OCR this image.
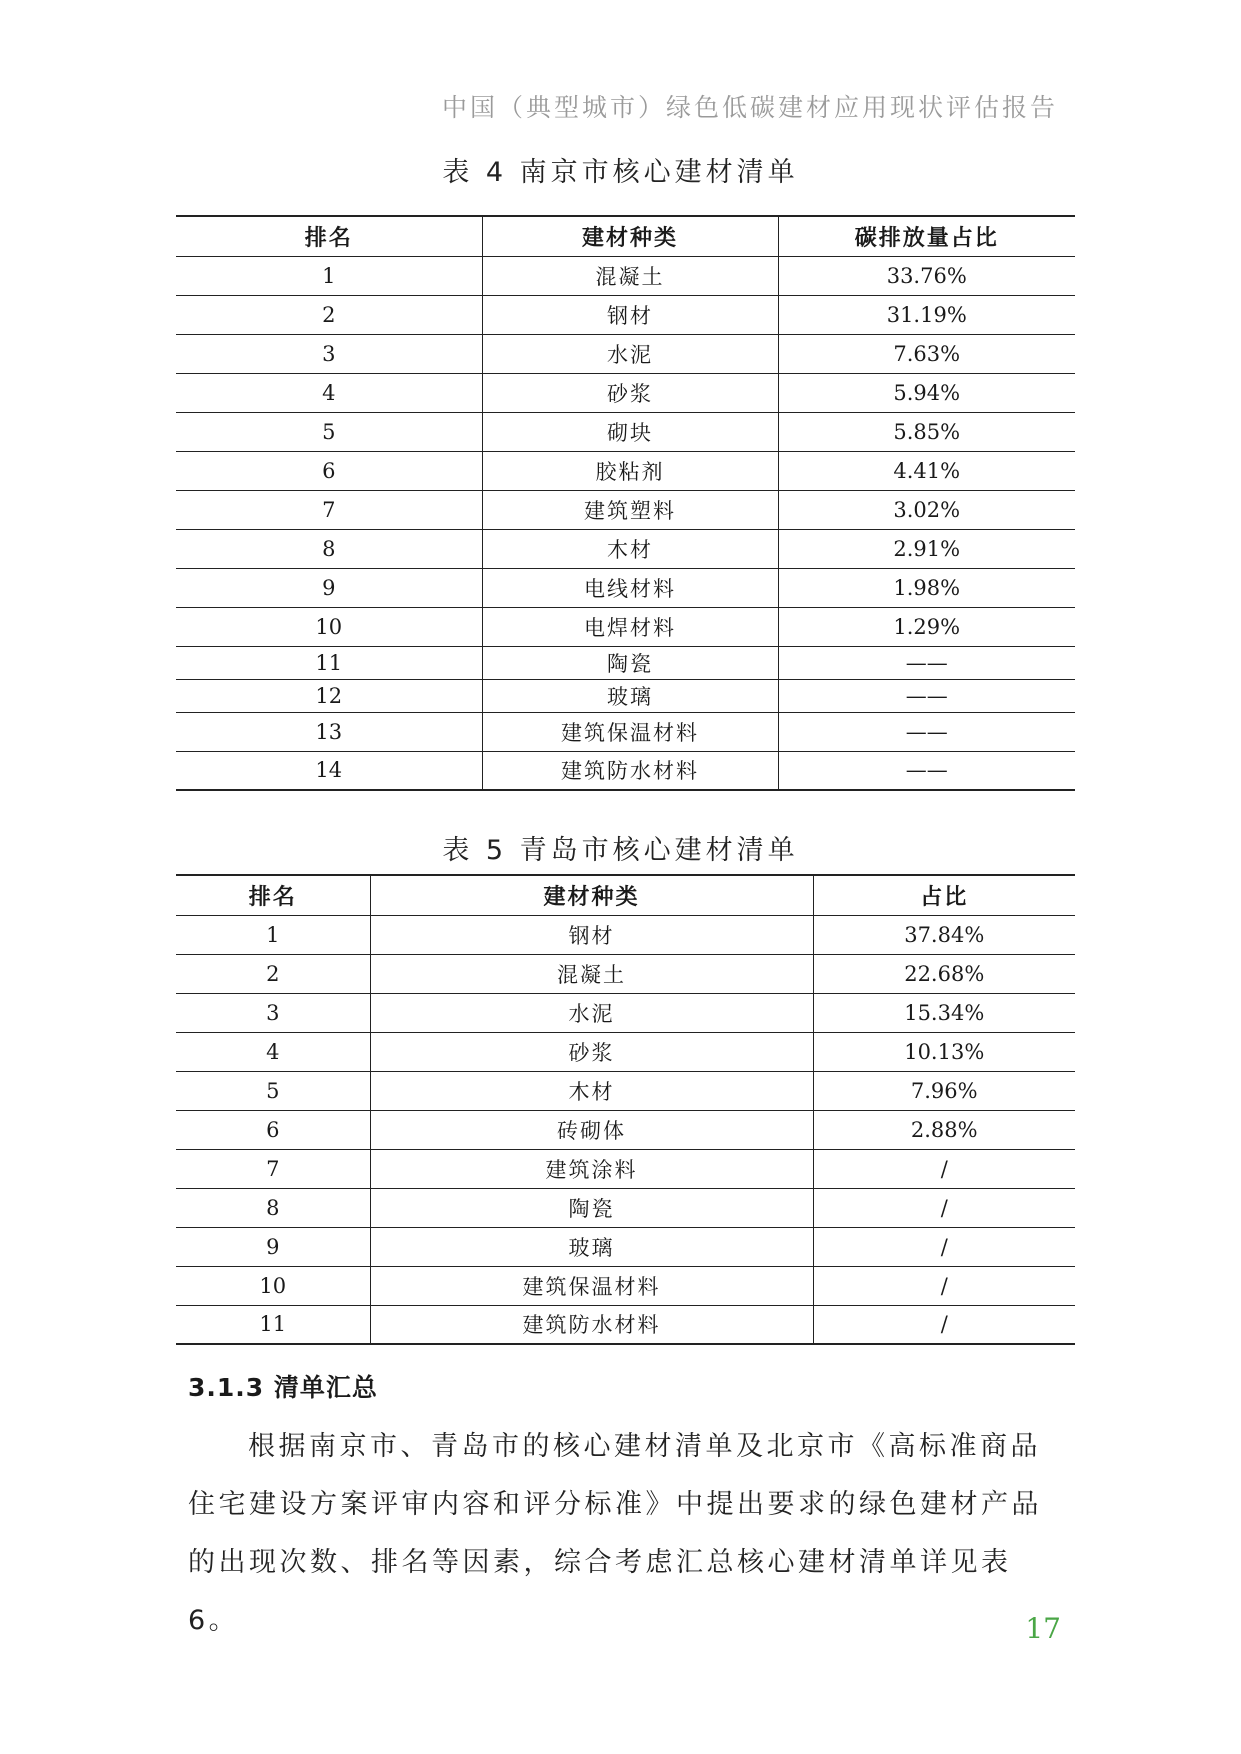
中国（典型城市）绿色低碳建材应用现状评估报告
表 4 南京市核心建材清单
排名	建材种类	碳排放量占比
1	混凝土	33.76%
2	钢材	31.19%
3	水泥	7.63%
4	砂浆	5.94%
5	砌块	5.85%
6	胶粘剂	4.41%
7	建筑塑料	3.02%
8	木材	2.91%
9	电线材料	1.98%
10	电焊材料	1.29%
11	陶瓷	——
12	玻璃	——
13	建筑保温材料	——
14	建筑防水材料	——
表 5 青岛市核心建材清单
排名	建材种类	占比
1	钢材	37.84%
2	混凝土	22.68%
3	水泥	15.34%
4	砂浆	10.13%
5	木材	7.96%
6	砖砌体	2.88%
7	建筑涂料	/
8	陶瓷	/
9	玻璃	/
10	建筑保温材料	/
11	建筑防水材料	/
3.1.3 清单汇总

根据南京市、青岛市的核心建材清单及北京市《高标准商品住宅建设方案评审内容和评分标准》中提出要求的绿色建材产品的出现次数、排名等因素，综合考虑汇总核心建材清单详见表 6。	17
